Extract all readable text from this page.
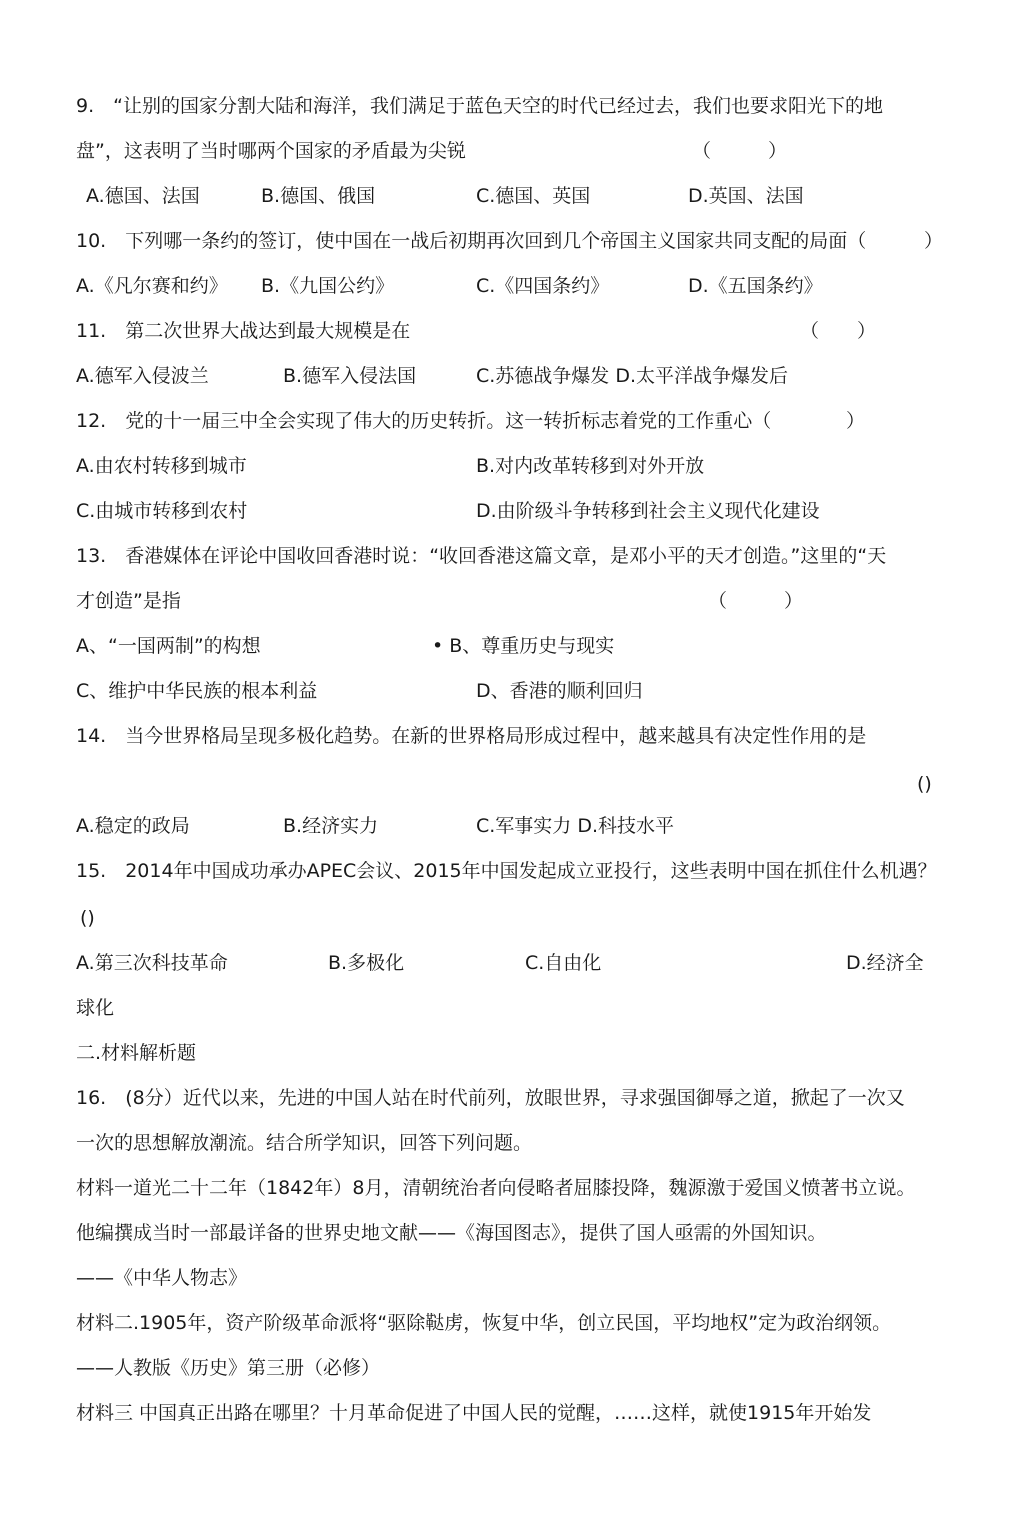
9.　“让别的国家分割大陆和海洋，我们满足于蓝色天空的时代已经过去，我们也要求阳光下的地
盘”，这表明了当时哪两个国家的矛盾最为尖锐	（　　　）
A.德国、法国	B.德国、俄国	C.德国、英国	D.英国、法国
10.　下列哪一条约的签订，使中国在一战后初期再次回到几个帝国主义国家共同支配的局面（	）
A.《凡尔赛和约》 B.《九国公约》	C.《四国条约》	D.《五国条约》
11.　第二次世界大战达到最大规模是在	（　　）
A.德军入侵波兰	B.德军入侵法国	C.苏德战争爆发 D.太平洋战争爆发后
12.　党的十一届三中全会实现了伟大的历史转折。这一转折标志着党的工作重心（	）
A.由农村转移到城市	B.对内改革转移到对外开放
C.由城市转移到农村	D.由阶级斗争转移到社会主义现代化建设
13.　香港媒体在评论中国收回香港时说：“收回香港这篇文章，是邓小平的天才创造。”这里的“天
才创造”是指	（　　　）
A、“一国两制”的构想	• B、尊重历史与现实
C、维护中华民族的根本利益	D、香港的顺利回归
14.　当今世界格局呈现多极化趋势。在新的世界格局形成过程中，越来越具有决定性作用的是
()
A.稳定的政局	B.经济实力	C.军事实力 D.科技水平
15.　2014年中国成功承办APEC会议、2015年中国发起成立亚投行，这些表明中国在抓住什么机遇？
()
A.第三次科技革命	B.多极化	C.自由化	D.经济全
球化
二.材料解析题
16.　(8分）近代以来，先进的中国人站在时代前列，放眼世界，寻求强国御辱之道，掀起了一次又
一次的思想解放潮流。结合所学知识，回答下列问题。
材料一道光二十二年（1842年）8月，清朝统治者向侵略者屈膝投降，魏源激于爱国义愤著书立说。
他编撰成当时一部最详备的世界史地文献——《海国图志》，提供了国人亟需的外国知识。
——《中华人物志》
材料二.1905年，资产阶级革命派将“驱除鞑虏，恢复中华，创立民国，平均地权”定为政治纲领。
——人教版《历史》第三册（必修）
材料三 中国真正出路在哪里？十月革命促进了中国人民的觉醒，……这样，就使1915年开始发
